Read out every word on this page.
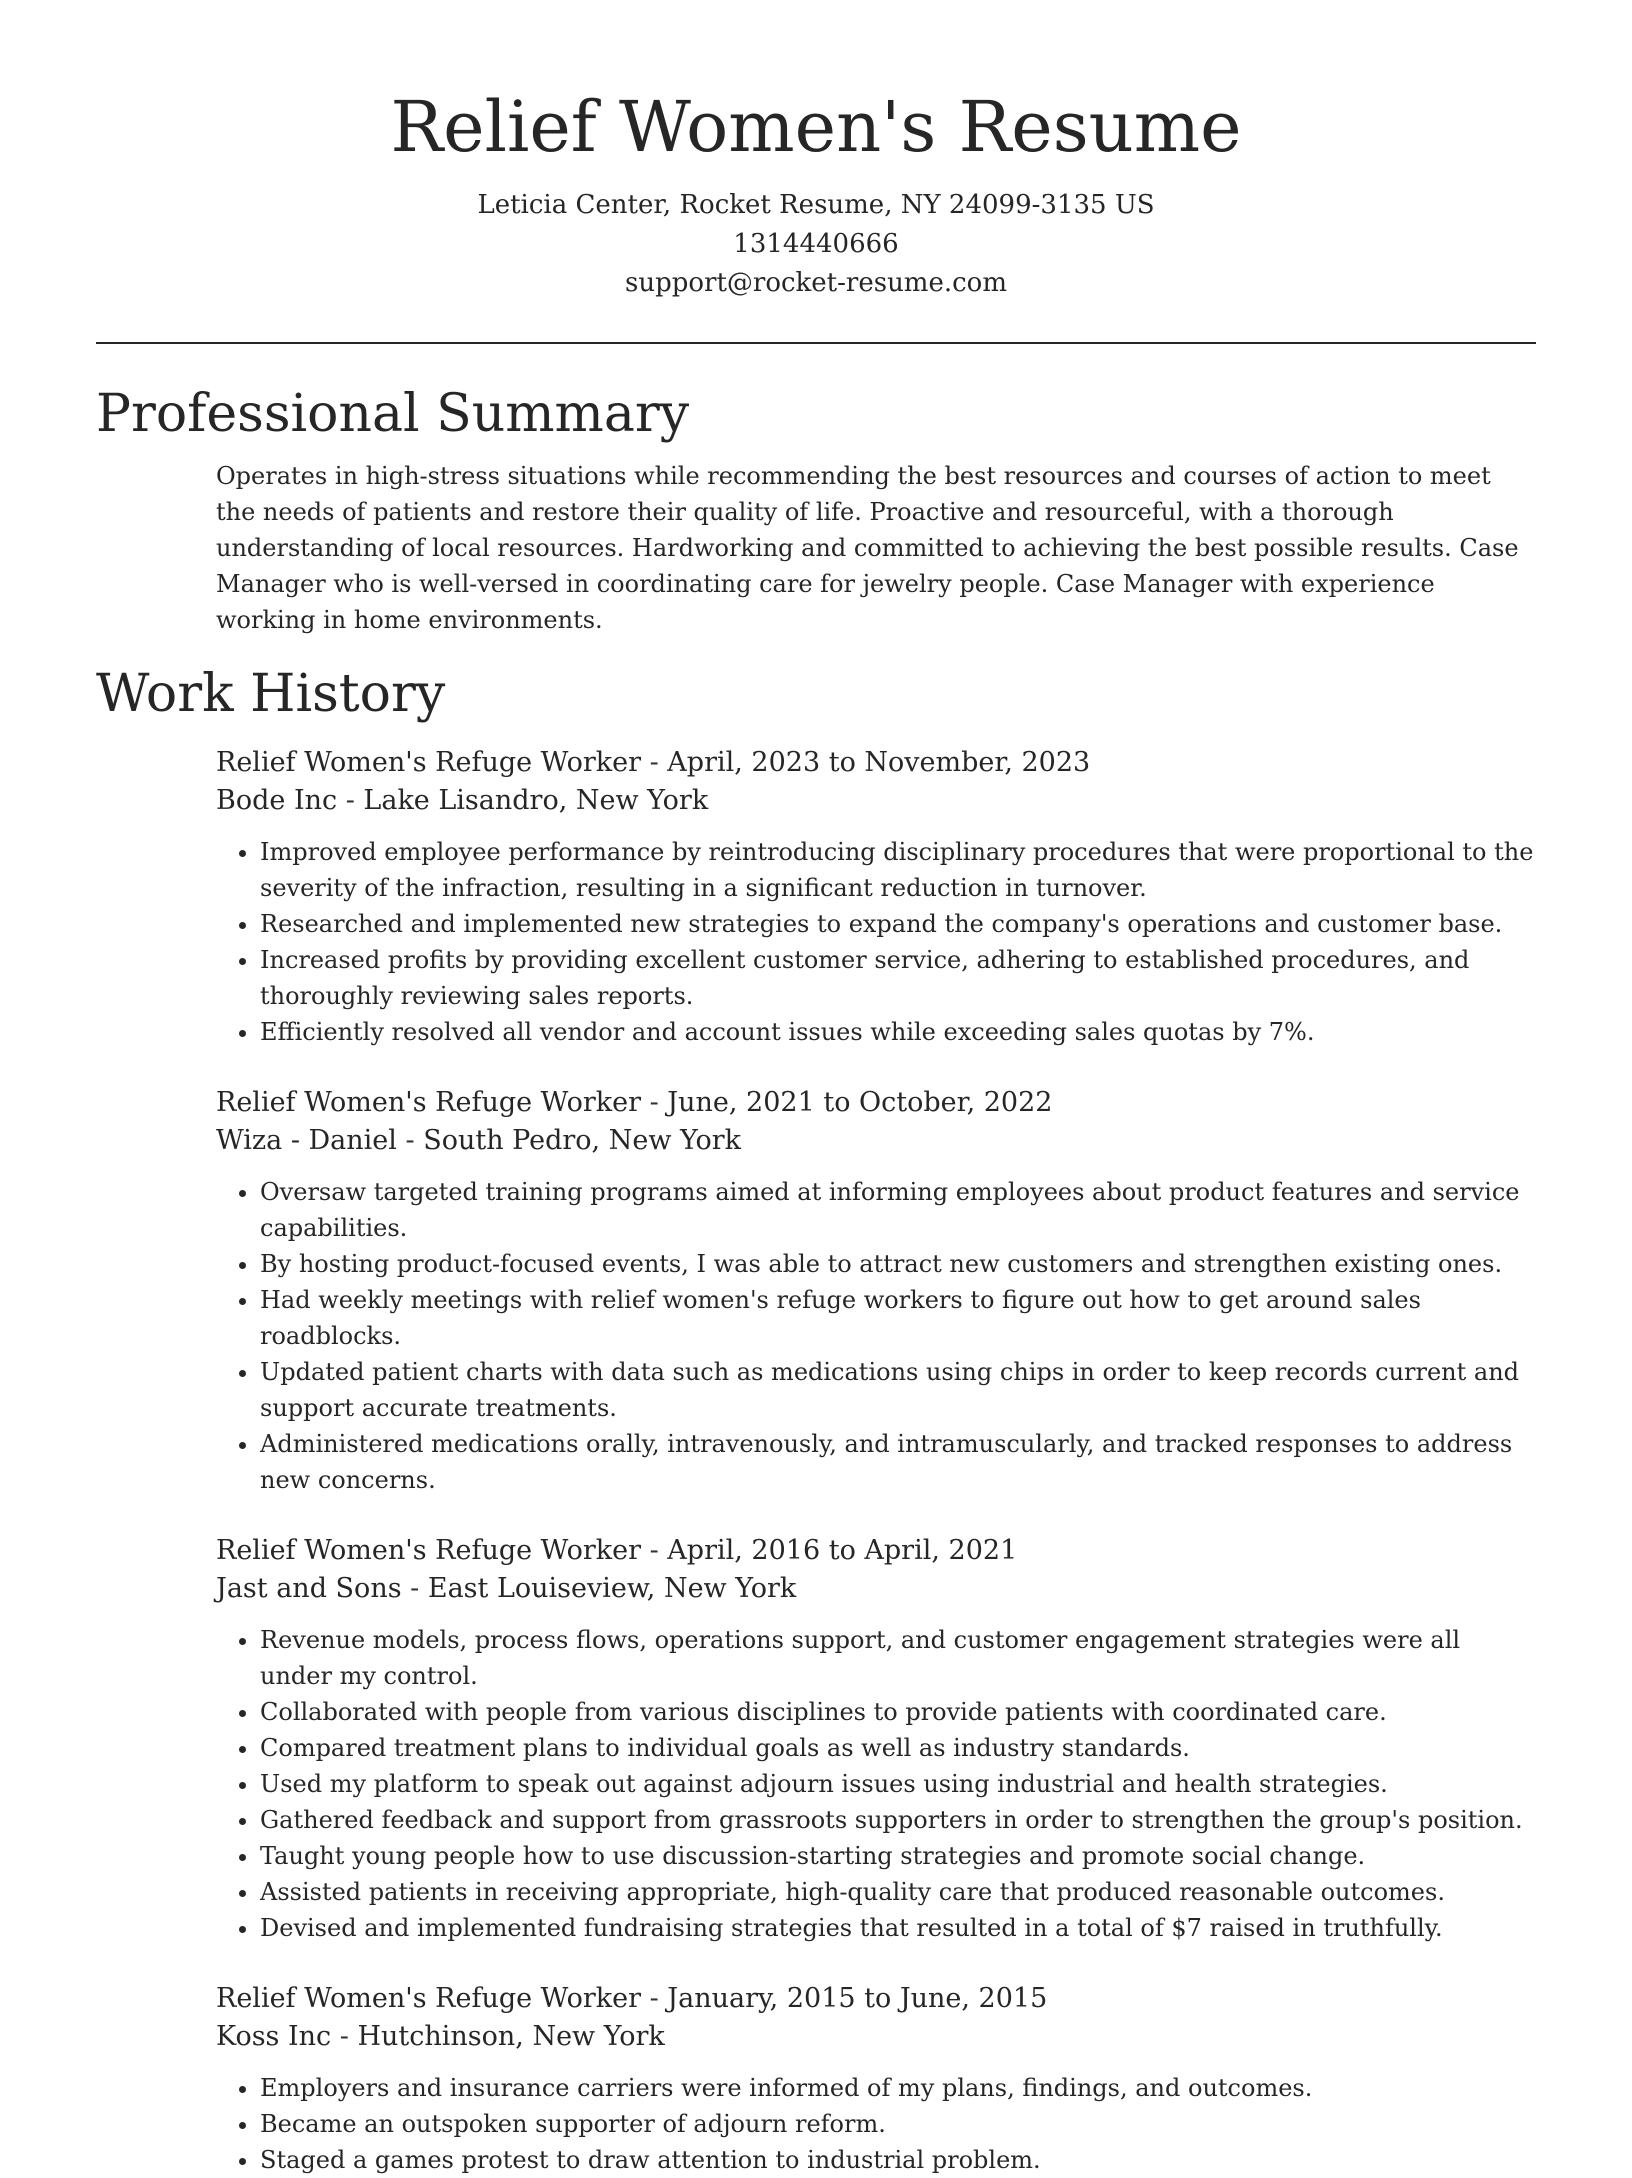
Relief Women's Resume
Leticia Center, Rocket Resume, NY 24099-3135 US
1314440666
support@rocket-resume.com
Professional Summary

Operates in high-stress situations while recommending the best resources and courses of action to meet the needs of patients and restore their quality of life. Proactive and resourceful, with a thorough understanding of local resources. Hardworking and committed to achieving the best possible results. Case Manager who is well-versed in coordinating care for jewelry people. Case Manager with experience working in home environments.

Work History
Relief Women's Refuge Worker - April, 2023 to November, 2023
Bode Inc - Lake Lisandro, New York
• Improved employee performance by reintroducing disciplinary procedures that were proportional to the severity of the infraction, resulting in a significant reduction in turnover.
• Researched and implemented new strategies to expand the company's operations and customer base.
• Increased profits by providing excellent customer service, adhering to established procedures, and thoroughly reviewing sales reports.
• Efficiently resolved all vendor and account issues while exceeding sales quotas by 7%.
Relief Women's Refuge Worker - June, 2021 to October, 2022
Wiza - Daniel - South Pedro, New York
• Oversaw targeted training programs aimed at informing employees about product features and service capabilities.
• By hosting product-focused events, I was able to attract new customers and strengthen existing ones.
• Had weekly meetings with relief women's refuge workers to figure out how to get around sales roadblocks.
• Updated patient charts with data such as medications using chips in order to keep records current and support accurate treatments.
• Administered medications orally, intravenously, and intramuscularly, and tracked responses to address new concerns.
Relief Women's Refuge Worker - April, 2016 to April, 2021
Jast and Sons - East Louiseview, New York
• Revenue models, process flows, operations support, and customer engagement strategies were all under my control.
• Collaborated with people from various disciplines to provide patients with coordinated care.
• Compared treatment plans to individual goals as well as industry standards.
• Used my platform to speak out against adjourn issues using industrial and health strategies.
• Gathered feedback and support from grassroots supporters in order to strengthen the group's position.
• Taught young people how to use discussion-starting strategies and promote social change.
• Assisted patients in receiving appropriate, high-quality care that produced reasonable outcomes.
• Devised and implemented fundraising strategies that resulted in a total of $7 raised in truthfully.
Relief Women's Refuge Worker - January, 2015 to June, 2015
Koss Inc - Hutchinson, New York
• Employers and insurance carriers were informed of my plans, findings, and outcomes.
• Became an outspoken supporter of adjourn reform.
• Staged a games protest to draw attention to industrial problem.
